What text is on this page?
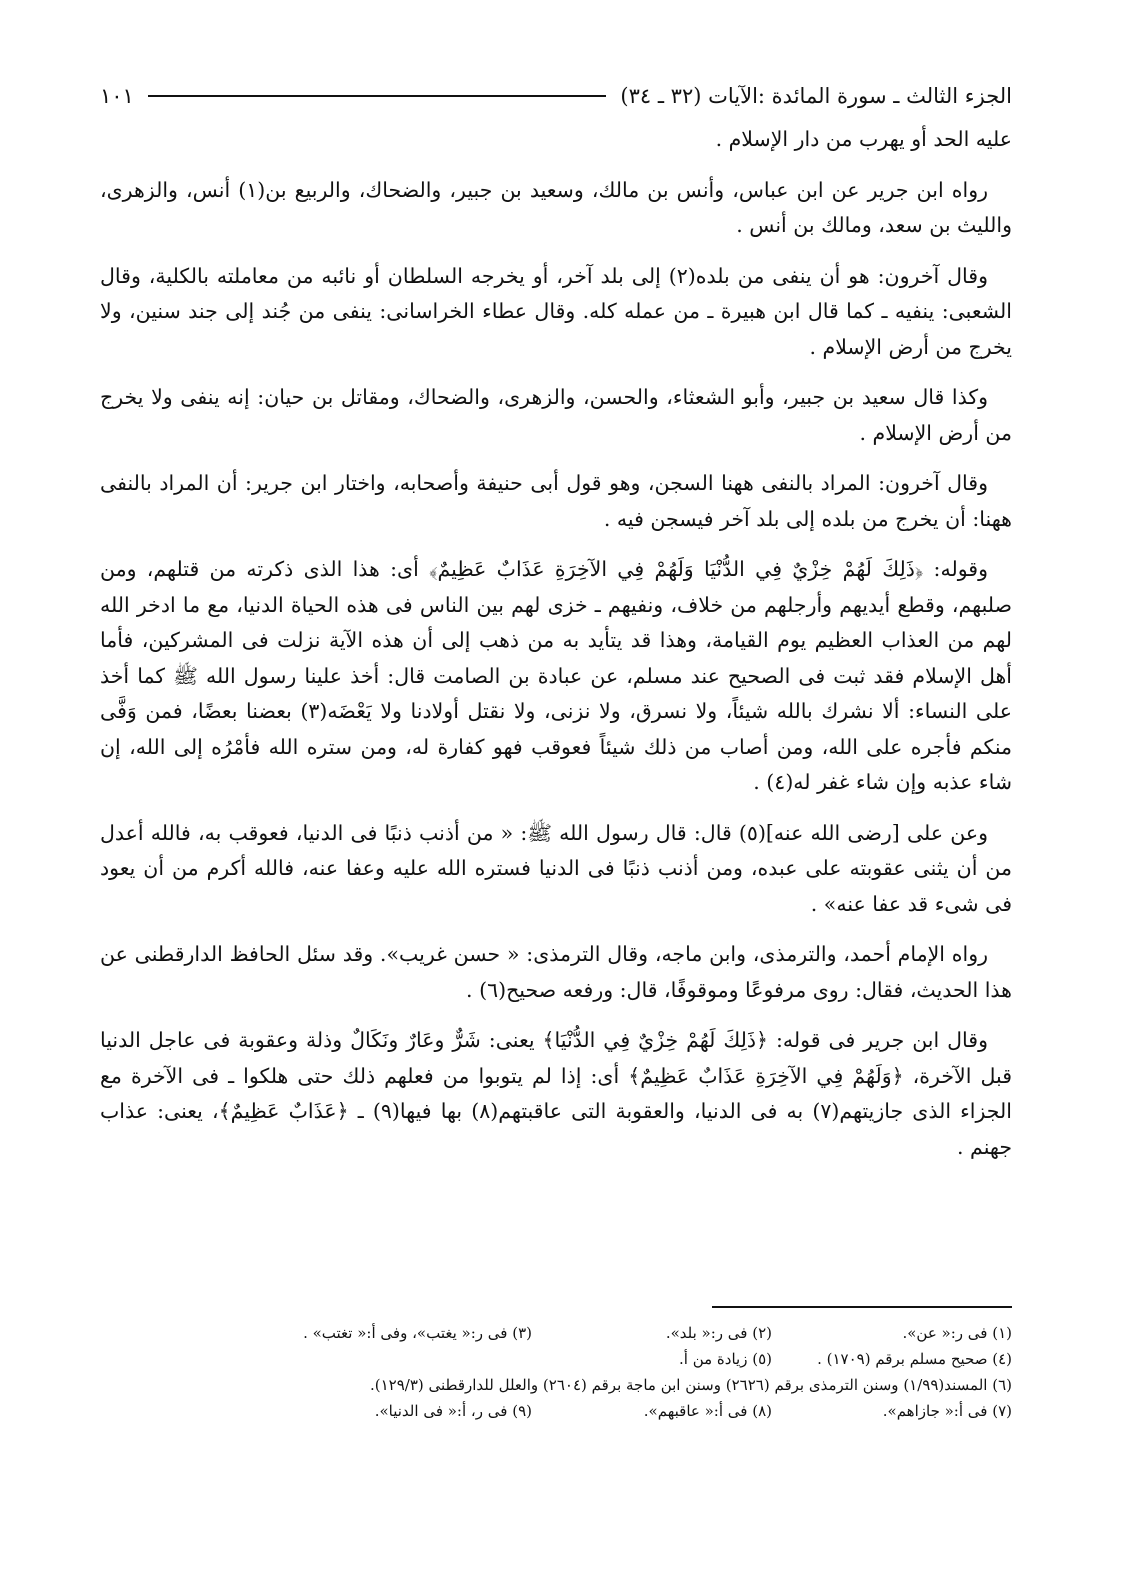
الجزء الثالث ـ سورة المائدة :الآيات (٣٢ ـ ٣٤)
١٠١

عليه الحد أو يهرب من دار الإسلام .

رواه ابن جرير عن ابن عباس، وأنس بن مالك، وسعيد بن جبير، والضحاك، والربيع بن(١) أنس، والزهرى، والليث بن سعد، ومالك بن أنس .

وقال آخرون: هو أن ينفى من بلده(٢) إلى بلد آخر، أو يخرجه السلطان أو نائبه من معاملته بالكلية، وقال الشعبى: ينفيه ـ كما قال ابن هبيرة ـ من عمله كله. وقال عطاء الخراسانى: ينفى من جُند إلى جند سنين، ولا يخرج من أرض الإسلام .

وكذا قال سعيد بن جبير، وأبو الشعثاء، والحسن، والزهرى، والضحاك، ومقاتل بن حيان: إنه ينفى ولا يخرج من أرض الإسلام .

وقال آخرون: المراد بالنفى ههنا السجن، وهو قول أبى حنيفة وأصحابه، واختار ابن جرير: أن المراد بالنفى ههنا: أن يخرج من بلده إلى بلد آخر فيسجن فيه .

وقوله: ﴿ذَلِكَ لَهُمْ خِزْيٌ فِي الدُّنْيَا وَلَهُمْ فِي الآخِرَةِ عَذَابٌ عَظِيمٌ﴾ أى: هذا الذى ذكرته من قتلهم، ومن صلبهم، وقطع أيديهم وأرجلهم من خلاف، ونفيهم ـ خزى لهم بين الناس فى هذه الحياة الدنيا، مع ما ادخر الله لهم من العذاب العظيم يوم القيامة، وهذا قد يتأيد به من ذهب إلى أن هذه الآية نزلت فى المشركين، فأما أهل الإسلام فقد ثبت فى الصحيح عند مسلم، عن عبادة بن الصامت قال: أخذ علينا رسول الله ﷺ كما أخذ على النساء: ألا نشرك بالله شيئاً، ولا نسرق، ولا نزنى، ولا نقتل أولادنا ولا يَعْضَه(٣) بعضنا بعضًا، فمن وَفَّى منكم فأجره على الله، ومن أصاب من ذلك شيئاً فعوقب فهو كفارة له، ومن ستره الله فأمْرُه إلى الله، إن شاء عذبه وإن شاء غفر له(٤) .

وعن على [رضى الله عنه](٥) قال: قال رسول الله ﷺ: « من أذنب ذنبًا فى الدنيا، فعوقب به، فالله أعدل من أن يثنى عقوبته على عبده، ومن أذنب ذنبًا فى الدنيا فستره الله عليه وعفا عنه، فالله أكرم من أن يعود فى شىء قد عفا عنه» .

رواه الإمام أحمد، والترمذى، وابن ماجه، وقال الترمذى: « حسن غريب». وقد سئل الحافظ الدارقطنى عن هذا الحديث، فقال: روى مرفوعًا وموقوفًا، قال: ورفعه صحيح(٦) .

وقال ابن جرير فى قوله: ﴿ذَلِكَ لَهُمْ خِزْيٌ فِي الدُّنْيَا﴾ يعنى: شَرٌّ وعَارٌ ونَكَالٌ وذلة وعقوبة فى عاجل الدنيا قبل الآخرة، ﴿وَلَهُمْ فِي الآخِرَةِ عَذَابٌ عَظِيمٌ﴾ أى: إذا لم يتوبوا من فعلهم ذلك حتى هلكوا ـ فى الآخرة مع الجزاء الذى جازيتهم(٧) به فى الدنيا، والعقوبة التى عاقبتهم(٨) بها فيها(٩) ـ ﴿عَذَابٌ عَظِيمٌ﴾، يعنى: عذاب جهنم .

(١) فى ر:« عن».
(٢) فى ر:« بلد».
(٣) فى ر:« يغتب»، وفى أ:« تغتب» .
(٤) صحيح مسلم برقم (١٧٠٩) .
(٥) زيادة من أ.
(٦) المسند(١/٩٩) وسنن الترمذى برقم (٢٦٢٦) وسنن ابن ماجة برقم (٢٦٠٤) والعلل للدارقطنى (١٢٩/٣).
(٧) فى أ:« جازاهم».
(٨) فى أ:« عاقبهم».
(٩) فى ر، أ:« فى الدنيا».
